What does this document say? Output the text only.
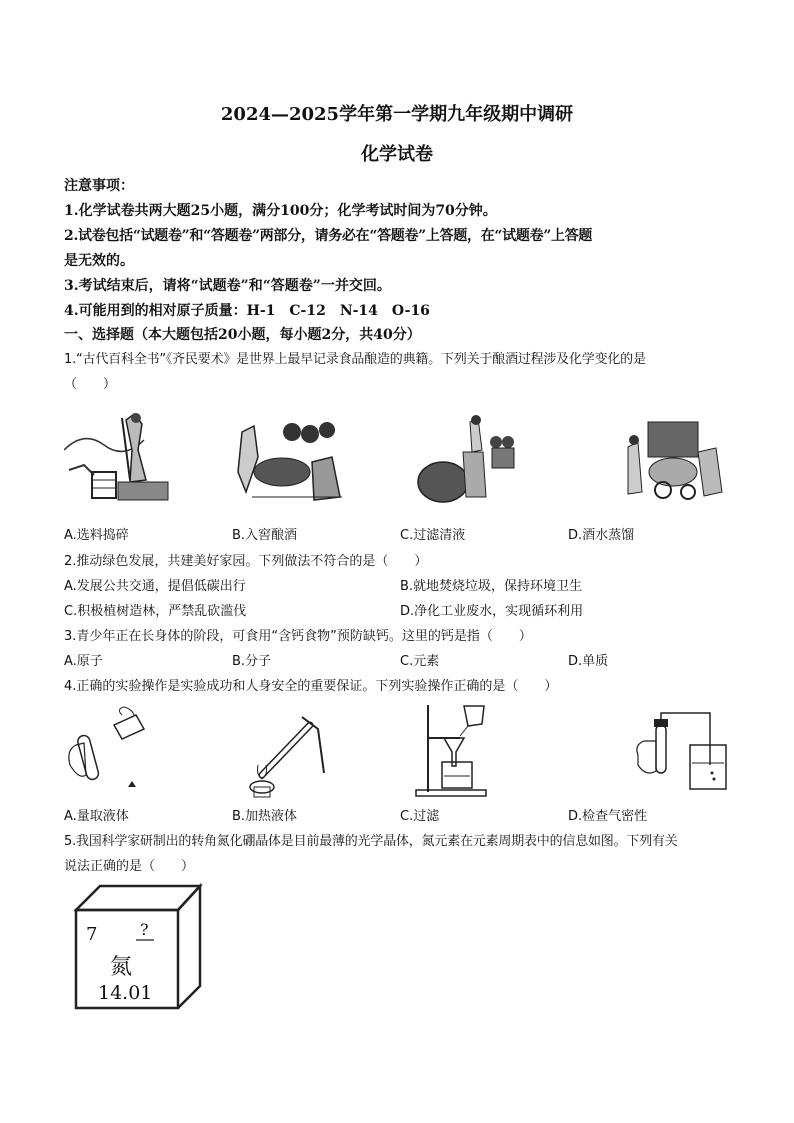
2024—2025学年第一学期九年级期中调研
化学试卷
注意事项：
1.化学试卷共两大题25小题，满分100分；化学考试时间为70分钟。
2.试卷包括“试题卷”和“答题卷”两部分，请务必在“答题卷”上答题，在“试题卷”上答题
是无效的。
3.考试结束后，请将“试题卷”和“答题卷”一并交回。
4.可能用到的相对原子质量：H-1　C-12　N-14　O-16
一、选择题（本大题包括20小题，每小题2分，共40分）
1.“古代百科全书”《齐民要术》是世界上最早记录食品酿造的典籍。下列关于酿酒过程涉及化学变化的是
（　　）
A.选料捣碎	B.入窖酿酒	C.过滤清液	D.酒水蒸馏
2.推动绿色发展，共建美好家园。下列做法不符合的是（　　）
A.发展公共交通，提倡低碳出行	B.就地焚烧垃圾，保持环境卫生
C.积极植树造林，严禁乱砍滥伐	D.净化工业废水，实现循环利用
3.青少年正在长身体的阶段，可食用“含钙食物”预防缺钙。这里的钙是指（　　）
A.原子	B.分子	C.元素	D.单质
4.正确的实验操作是实验成功和人身安全的重要保证。下列实验操作正确的是（　　）
A.量取液体	B.加热液体	C.过滤	D.检查气密性
5.我国科学家研制出的转角氮化硼晶体是目前最薄的光学晶体，氮元素在元素周期表中的信息如图。下列有关
说法正确的是（　　）
7	?
氮
14.01
